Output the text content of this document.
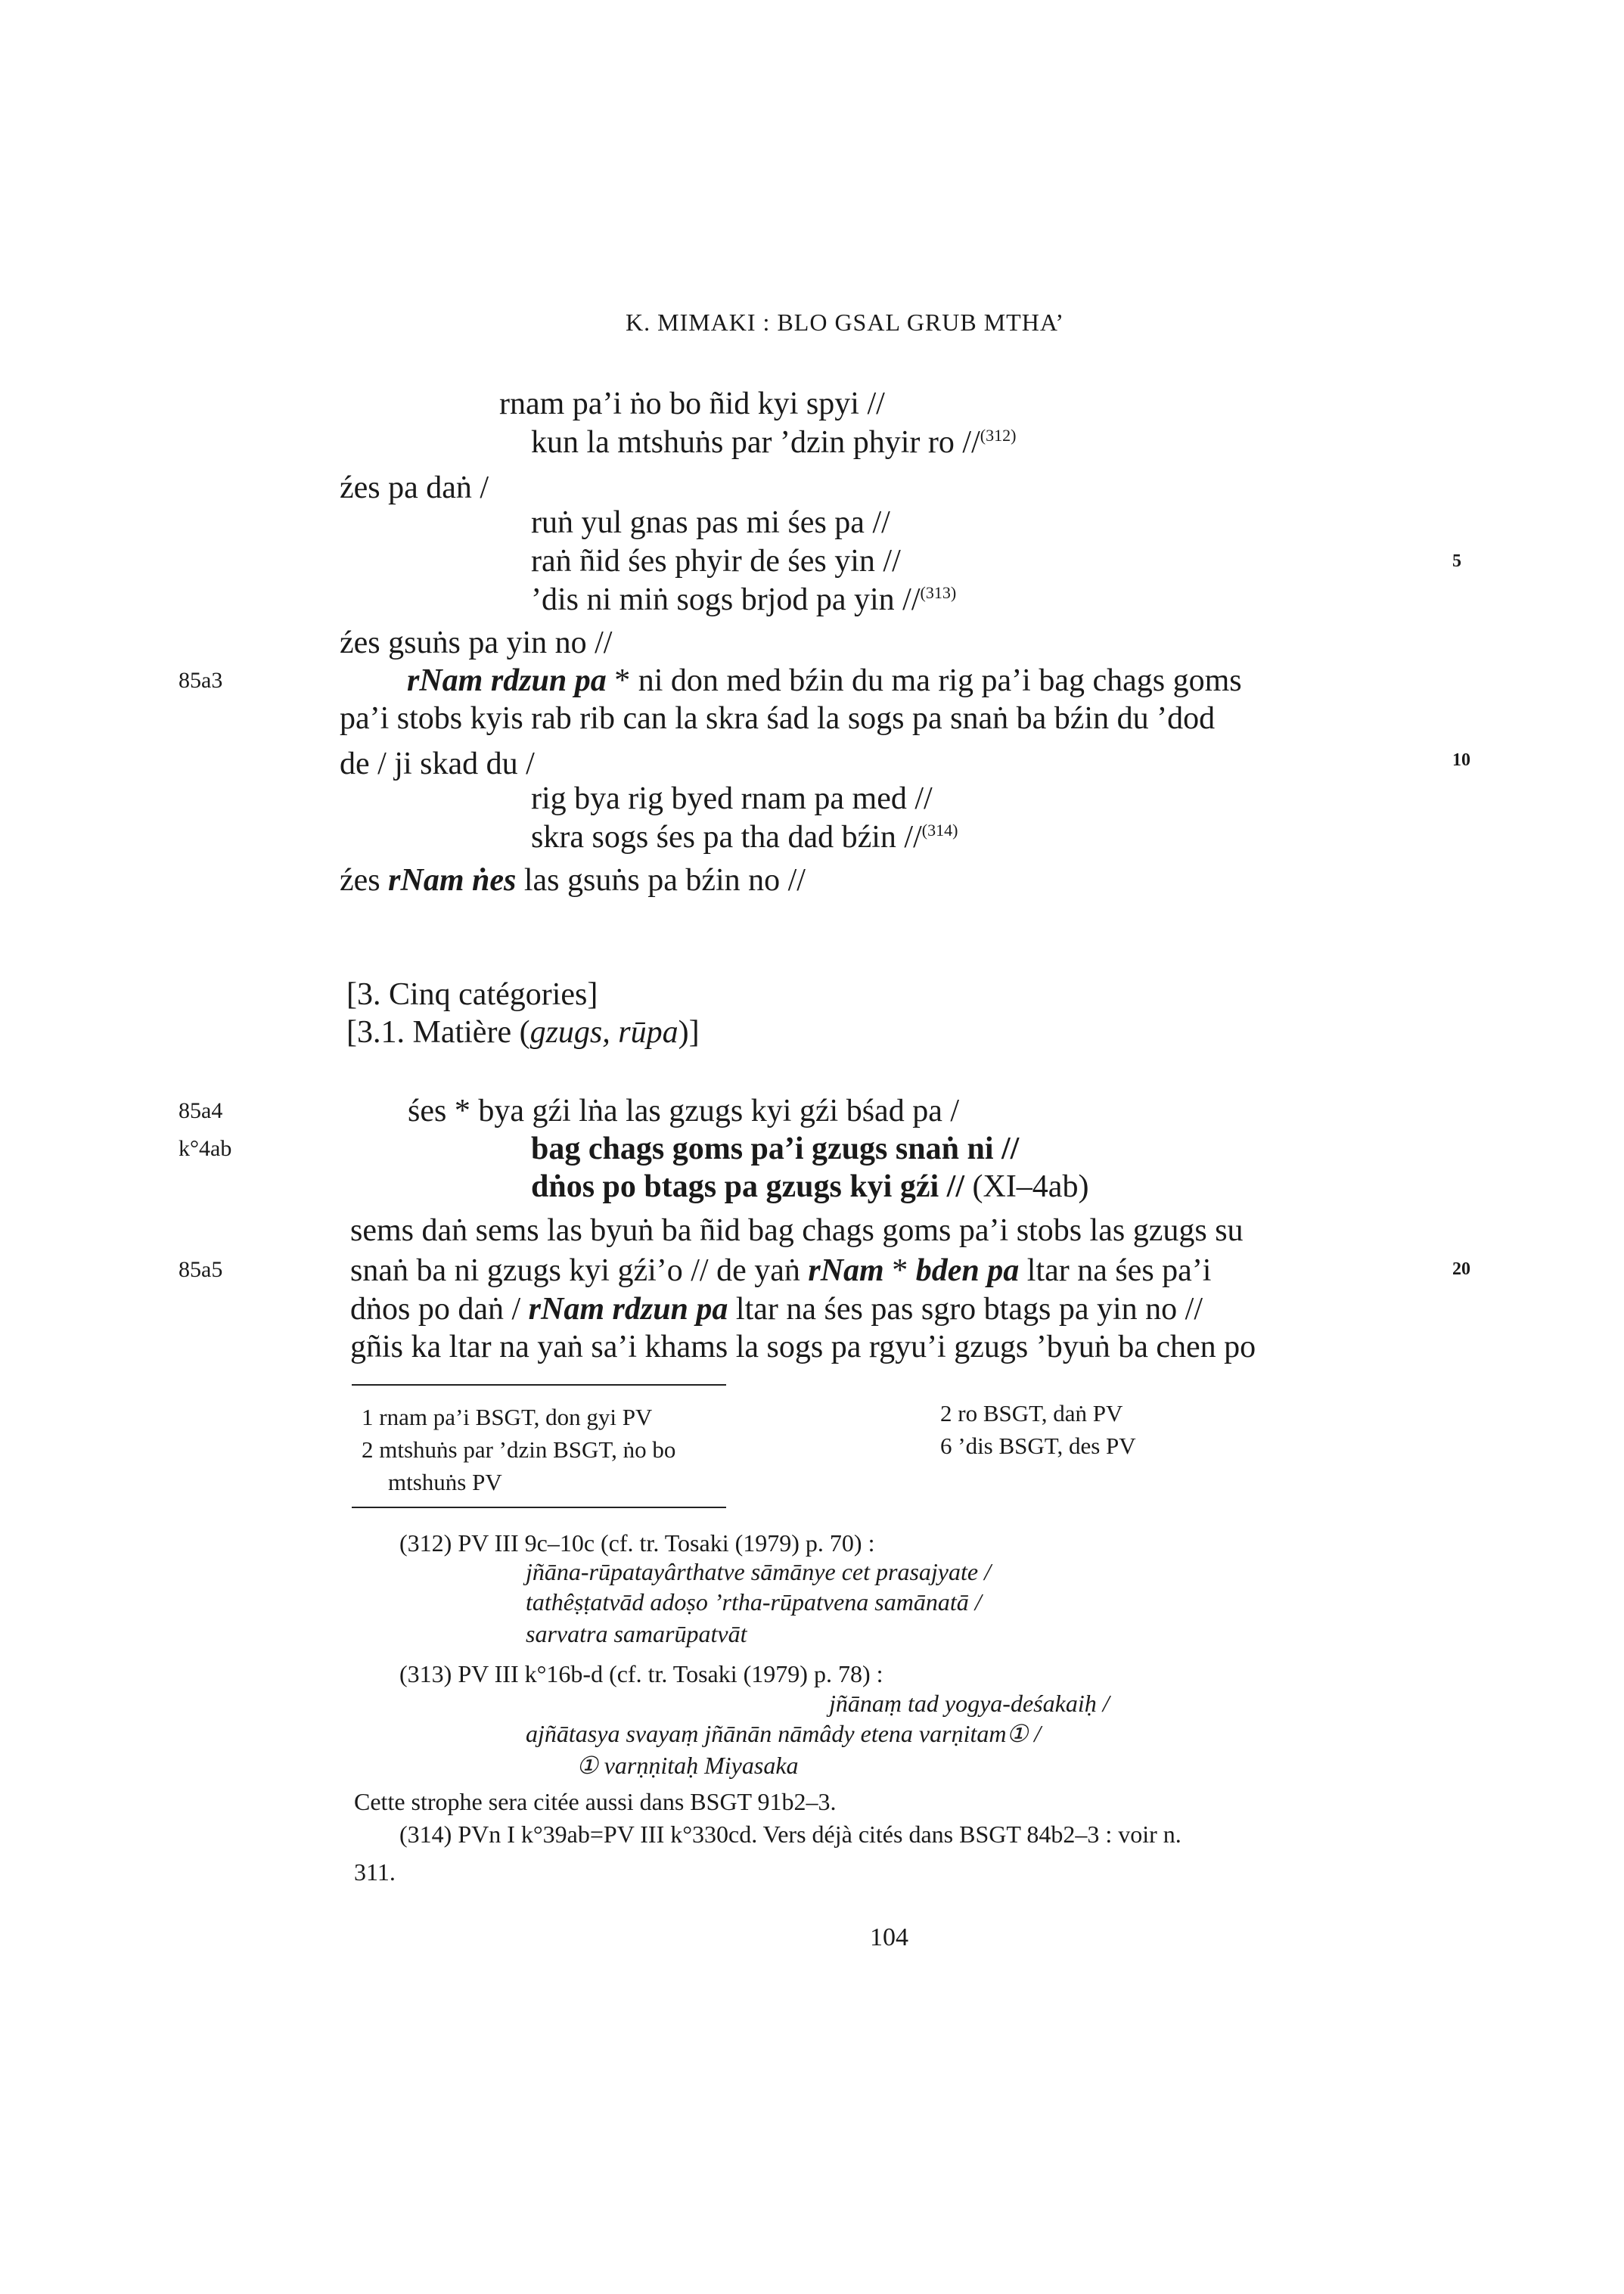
K. MIMAKI : BLO GSAL GRUB MTHA’
85a3
85a4
k°4ab
85a5
5
10
20
rnam pa’i ṅo bo ñid kyi spyi //
kun la mtshuṅs par ’dzin phyir ro //$^{(312)}$
źes pa daṅ /
ruṅ yul gnas pas mi śes pa //
raṅ ñid śes phyir de śes yin //
’dis ni miṅ sogs brjod pa yin //$^{(313)}$
źes gsuṅs pa yin no //
rNam rdzun pa * ni don med bźin du ma rig pa’i bag chags goms
pa’i stobs kyis rab rib can la skra śad la sogs pa snaṅ ba bźin du ’dod
de / ji skad du /
rig bya rig byed rnam pa med //
skra sogs śes pa tha dad bźin //$^{(314)}$
źes rNam ṅes las gsuṅs pa bźin no //
[3. Cinq catégories]
[3.1. Matière (gzugs, rūpa)]
śes * bya gźi lṅa las gzugs kyi gźi bśad pa /
bag chags goms pa’i gzugs snaṅ ni //
dṅos po btags pa gzugs kyi gźi // (XI–4ab)
sems daṅ sems las byuṅ ba ñid bag chags goms pa’i stobs las gzugs su
snaṅ ba ni gzugs kyi gźi’o // de yaṅ rNam * bden pa ltar na śes pa’i
dṅos po daṅ / rNam rdzun pa ltar na śes pas sgro btags pa yin no //
gñis ka ltar na yaṅ sa’i khams la sogs pa rgyu’i gzugs ’byuṅ ba chen po
1 rnam pa’i BSGT, don gyi PV
2 mtshuṅs par ’dzin BSGT, ṅo bo
mtshuṅs PV
2 ro BSGT, daṅ PV
6 ’dis BSGT, des PV
(312) PV III 9c–10c (cf. tr. Tosaki (1979) p. 70) :
jñāna-rūpatayârthatve sāmānye cet prasajyate /
tathêṣṭatvād adoṣo ’rtha-rūpatvena samānatā /
sarvatra samarūpatvāt
(313) PV III k°16b-d (cf. tr. Tosaki (1979) p. 78) :
jñānaṃ tad yogya-deśakaiḥ /
ajñātasya svayaṃ jñānān nāmâdy etena varṇitam① /
① varṇṇitaḥ Miyasaka
Cette strophe sera citée aussi dans BSGT 91b2–3.
(314) PVn I k°39ab=PV III k°330cd. Vers déjà cités dans BSGT 84b2–3 : voir n.
311.
104
